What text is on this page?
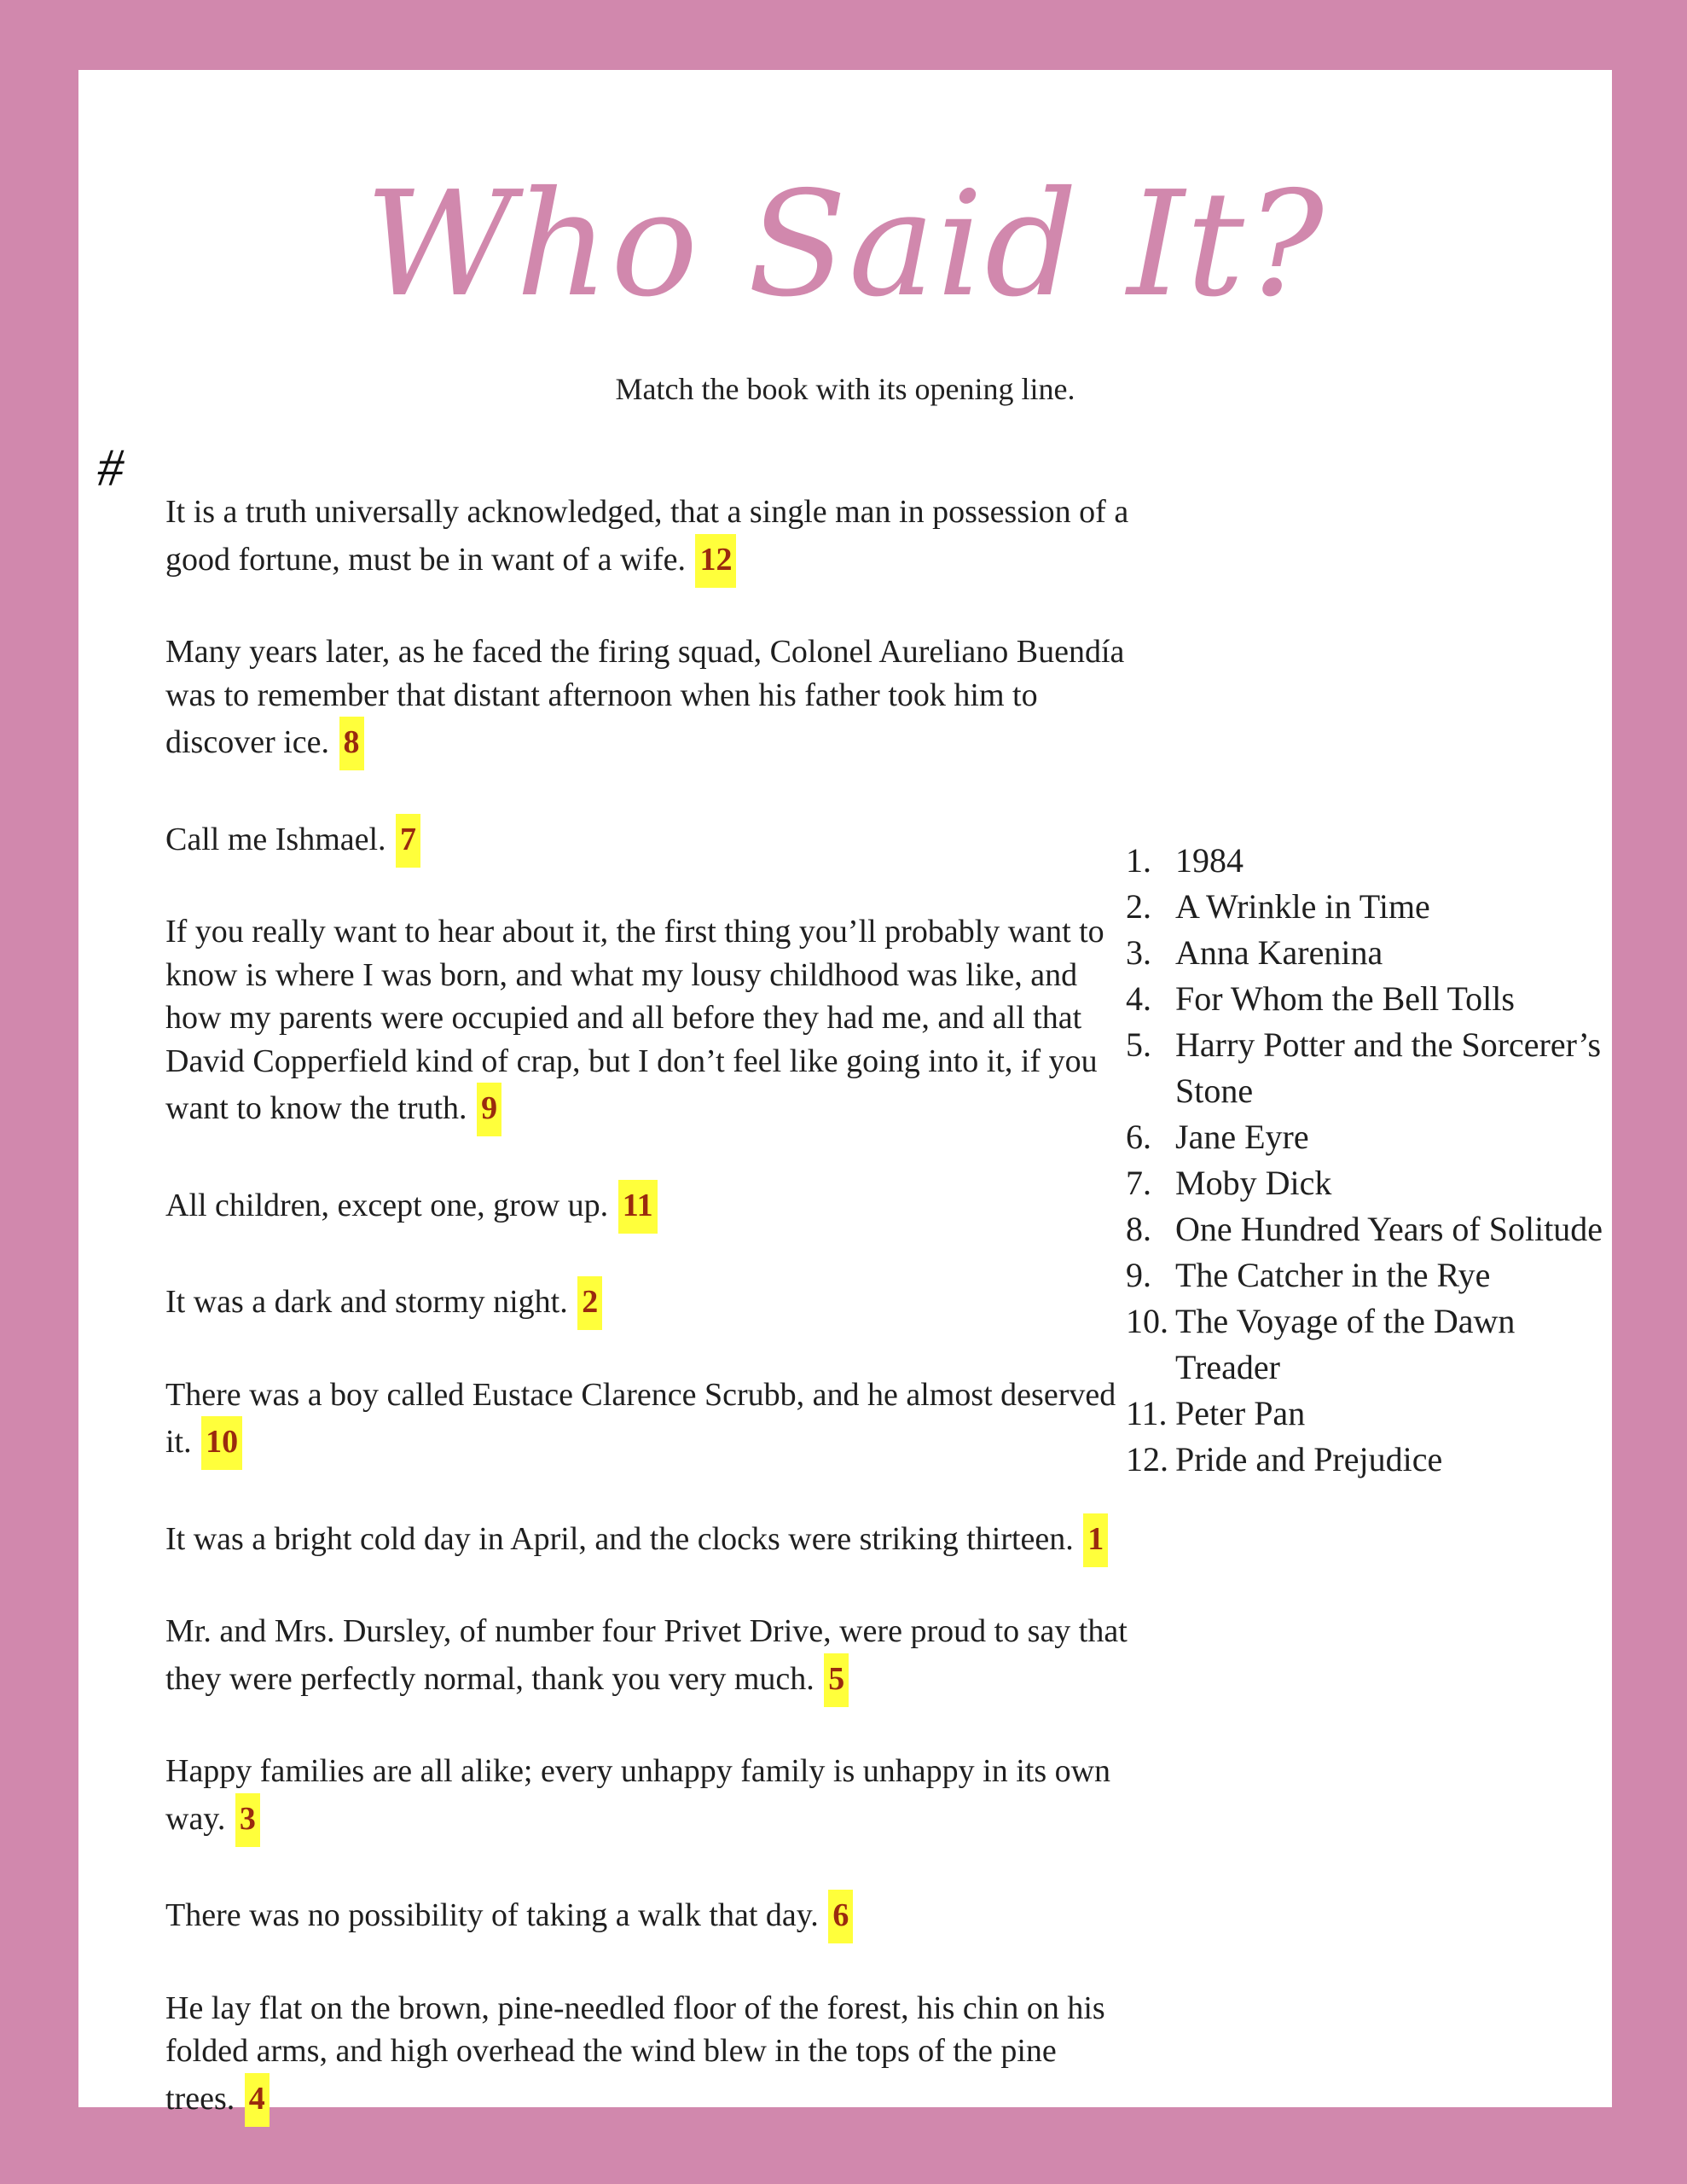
Who Said It?
Match the book with its opening line.
#

It is a truth universally acknowledged, that a single man in possession of a good fortune, must be in want of a wife. 12

Many years later, as he faced the firing squad, Colonel Aureliano Buendía was to remember that distant afternoon when his father took him to discover ice. 8

Call me Ishmael. 7

If you really want to hear about it, the first thing you’ll probably want to know is where I was born, and what my lousy childhood was like, and how my parents were occupied and all before they had me, and all that David Copperfield kind of crap, but I don’t feel like going into it, if you want to know the truth. 9

All children, except one, grow up. 11

It was a dark and stormy night. 2

There was a boy called Eustace Clarence Scrubb, and he almost deserved it. 10

It was a bright cold day in April, and the clocks were striking thirteen. 1

Mr. and Mrs. Dursley, of number four Privet Drive, were proud to say that they were perfectly normal, thank you very much. 5

Happy families are all alike; every unhappy family is unhappy in its own way. 3

There was no possibility of taking a walk that day. 6

He lay flat on the brown, pine-needled floor of the forest, his chin on his folded arms, and high overhead the wind blew in the tops of the pine trees. 4

1. 1984
2. A Wrinkle in Time
3. Anna Karenina
4. For Whom the Bell Tolls
5. Harry Potter and the Sorcerer’s Stone
6. Jane Eyre
7. Moby Dick
8. One Hundred Years of Solitude
9. The Catcher in the Rye
10. The Voyage of the Dawn Treader
11. Peter Pan
12. Pride and Prejudice
